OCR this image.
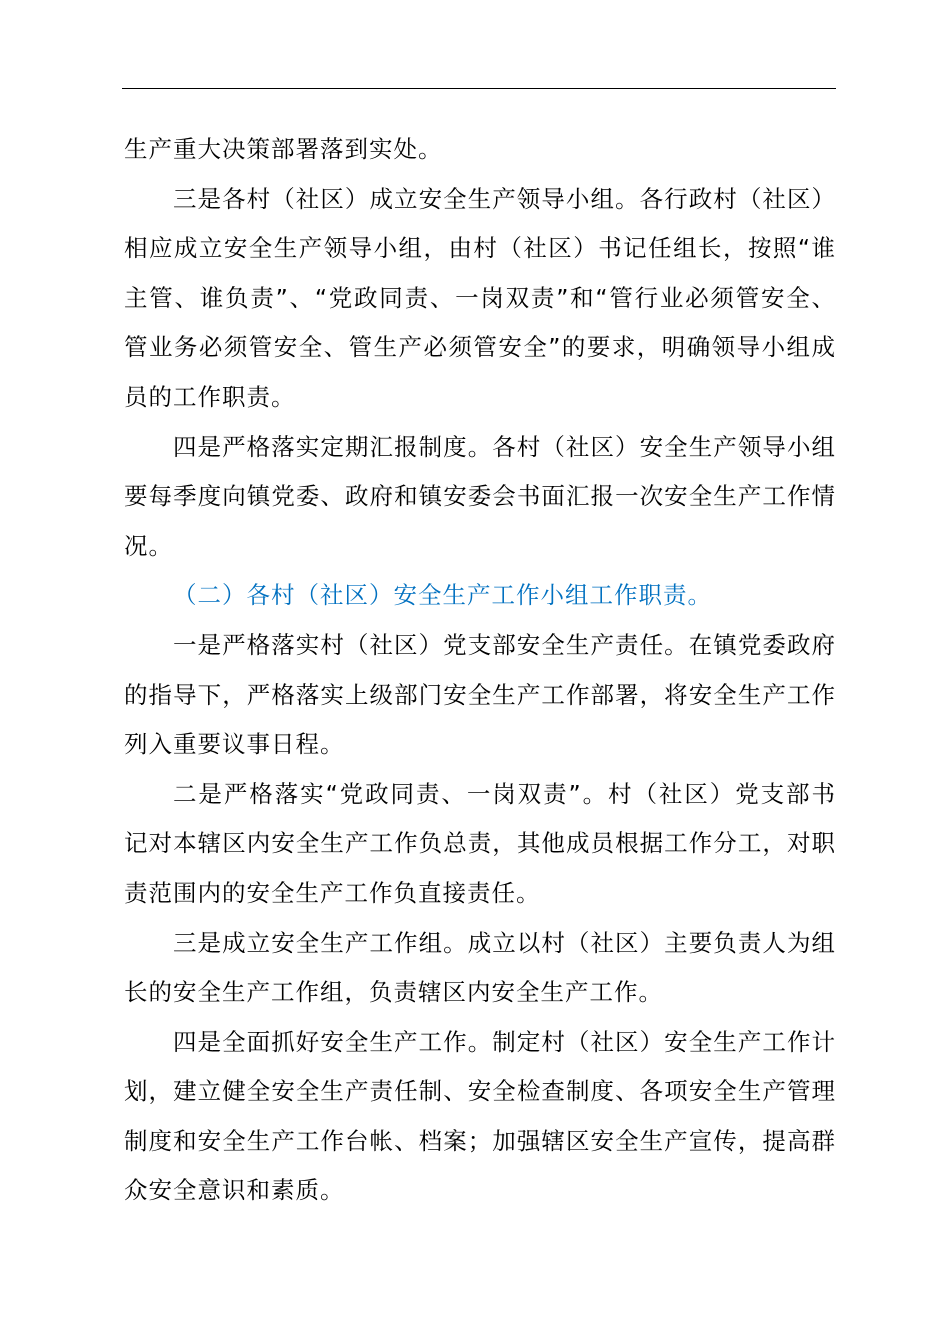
生产重大决策部署落到实处。

三是各村（社区）成立安全生产领导小组。各行政村（社区）相应成立安全生产领导小组，由村（社区）书记任组长，按照“谁主管、谁负责”、“党政同责、一岗双责”和“管行业必须管安全、管业务必须管安全、管生产必须管安全”的要求，明确领导小组成员的工作职责。

四是严格落实定期汇报制度。各村（社区）安全生产领导小组要每季度向镇党委、政府和镇安委会书面汇报一次安全生产工作情况。

（二）各村（社区）安全生产工作小组工作职责。

一是严格落实村（社区）党支部安全生产责任。在镇党委政府的指导下，严格落实上级部门安全生产工作部署，将安全生产工作列入重要议事日程。

二是严格落实“党政同责、一岗双责”。村（社区）党支部书记对本辖区内安全生产工作负总责，其他成员根据工作分工，对职责范围内的安全生产工作负直接责任。

三是成立安全生产工作组。成立以村（社区）主要负责人为组长的安全生产工作组，负责辖区内安全生产工作。

四是全面抓好安全生产工作。制定村（社区）安全生产工作计划，建立健全安全生产责任制、安全检查制度、各项安全生产管理制度和安全生产工作台帐、档案；加强辖区安全生产宣传，提高群众安全意识和素质。
